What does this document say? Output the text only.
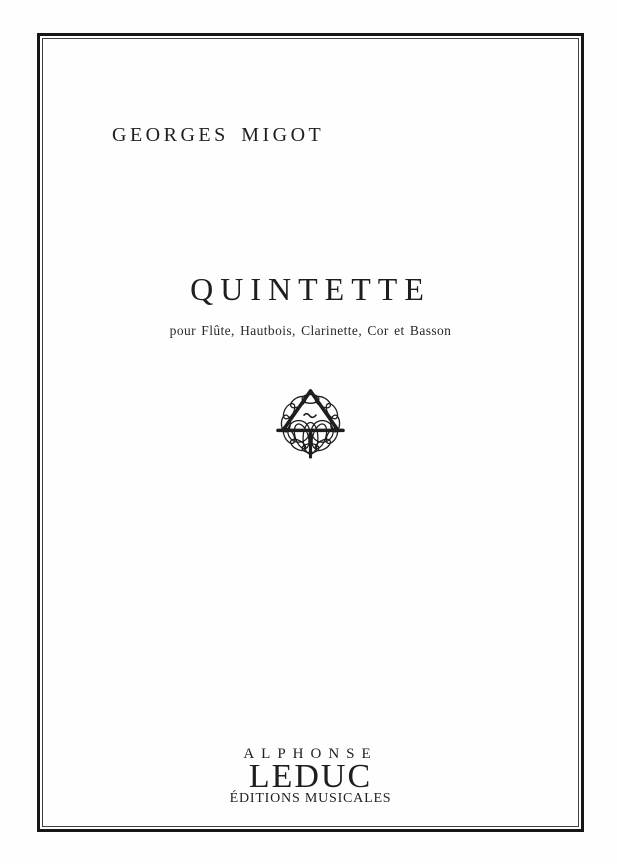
GEORGES MIGOT
QUINTETTE
pour Flûte, Hautbois, Clarinette, Cor et Basson
ALPHONSE
LEDUC
ÉDITIONS MUSICALES
